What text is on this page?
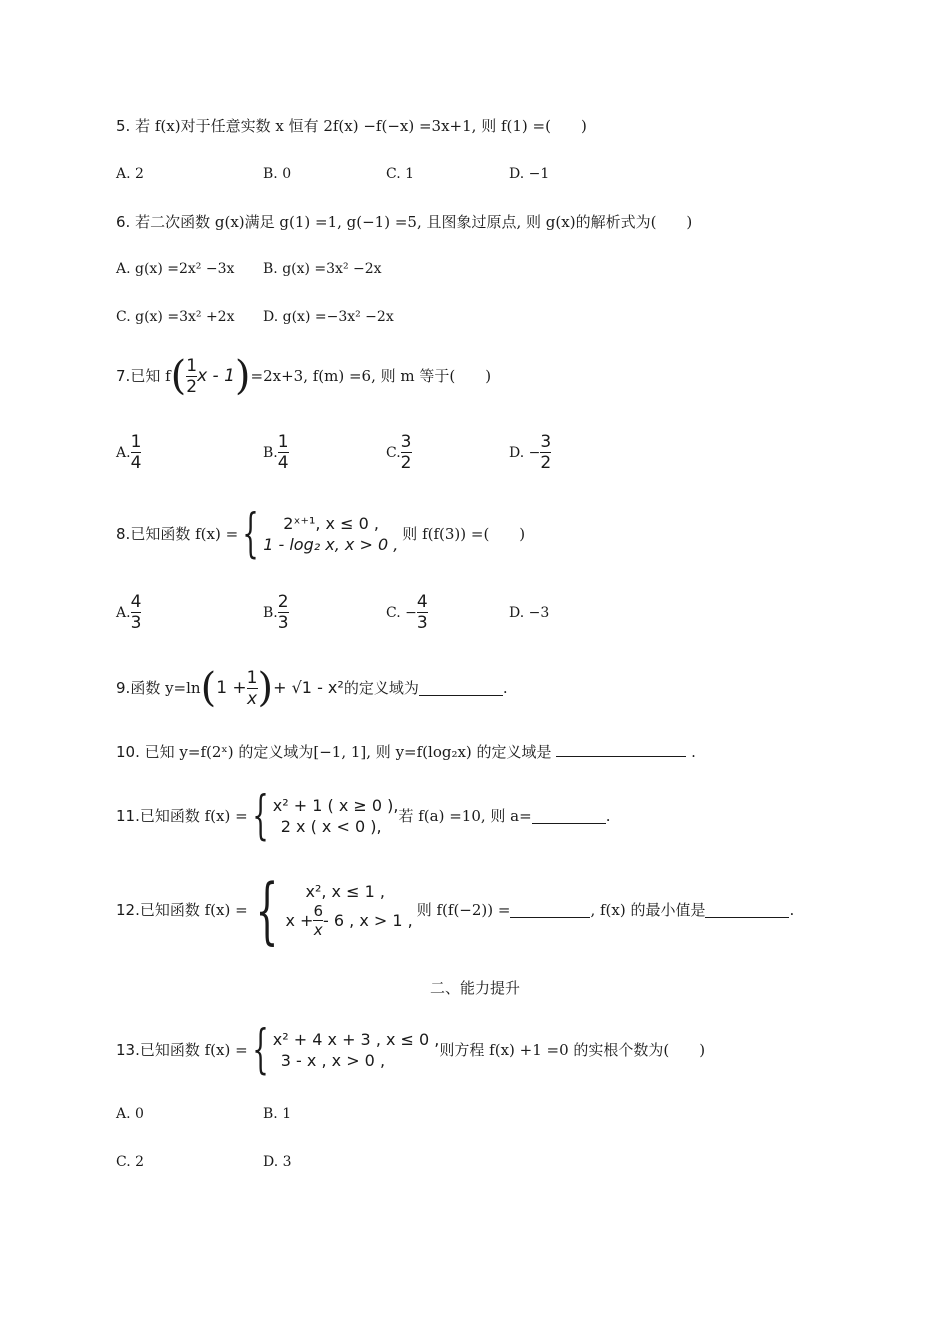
5. 若 f(x)对于任意实数 x 恒有 2f(x) −f(−x) =3x+1, 则 f(1) =(　　)
A. 2	B. 0	C. 1	D. −1
6. 若二次函数 g(x)满足 g(1) =1, g(−1) =5, 且图象过原点, 则 g(x)的解析式为(　　)
A. g(x) =2x² −3x B. g(x) =3x² −2x
C. g(x) =3x² +2x D. g(x) =−3x² −2x
7. 已知 f ( $\frac{1}{2}$ x - 1 ) =2x+3, f(m) =6, 则 m 等于(　　)
A. $\frac{1}{4}$	B. $\frac{1}{4}$	C. $\frac{3}{2}$	D. − $\frac{3}{2}$
8. 已知函数 f(x) = {	2ˣ⁺¹, x ≤ 0 ,
1 - log₂ x, x > 0 ,
则 f(f(3)) =(　　)
A. $\frac{4}{3}$	B. $\frac{2}{3}$	C. − $\frac{4}{3}$	D. −3
9. 函数 y=ln ( $1 + \frac{1}{x}$ ) + √1 - x² 的定义域为	.
10. 已知 y=f(2ˣ) 的定义域为[−1, 1], 则 y=f(log₂x) 的定义域是	.
11. 已知函数 f(x) = { x² + 1 ( x ≥ 0 ),
2 x ( x < 0 ),
若 f(a) =10, 则 a=	.
12. 已知函数 f(x) = {	x², x ≤ 1 ,
$x + \frac{6}{x} - 6$ , x > 1 ,
则 f(f(−2)) =	, f(x) 的最小值是	.
二、能力提升
13. 已知函数 f(x) = { x² + 4 x + 3 , x ≤ 0 ,
3 - x , x > 0 ,
则方程 f(x) +1 =0 的实根个数为(　　)
A. 0	B. 1
C. 2	D. 3
